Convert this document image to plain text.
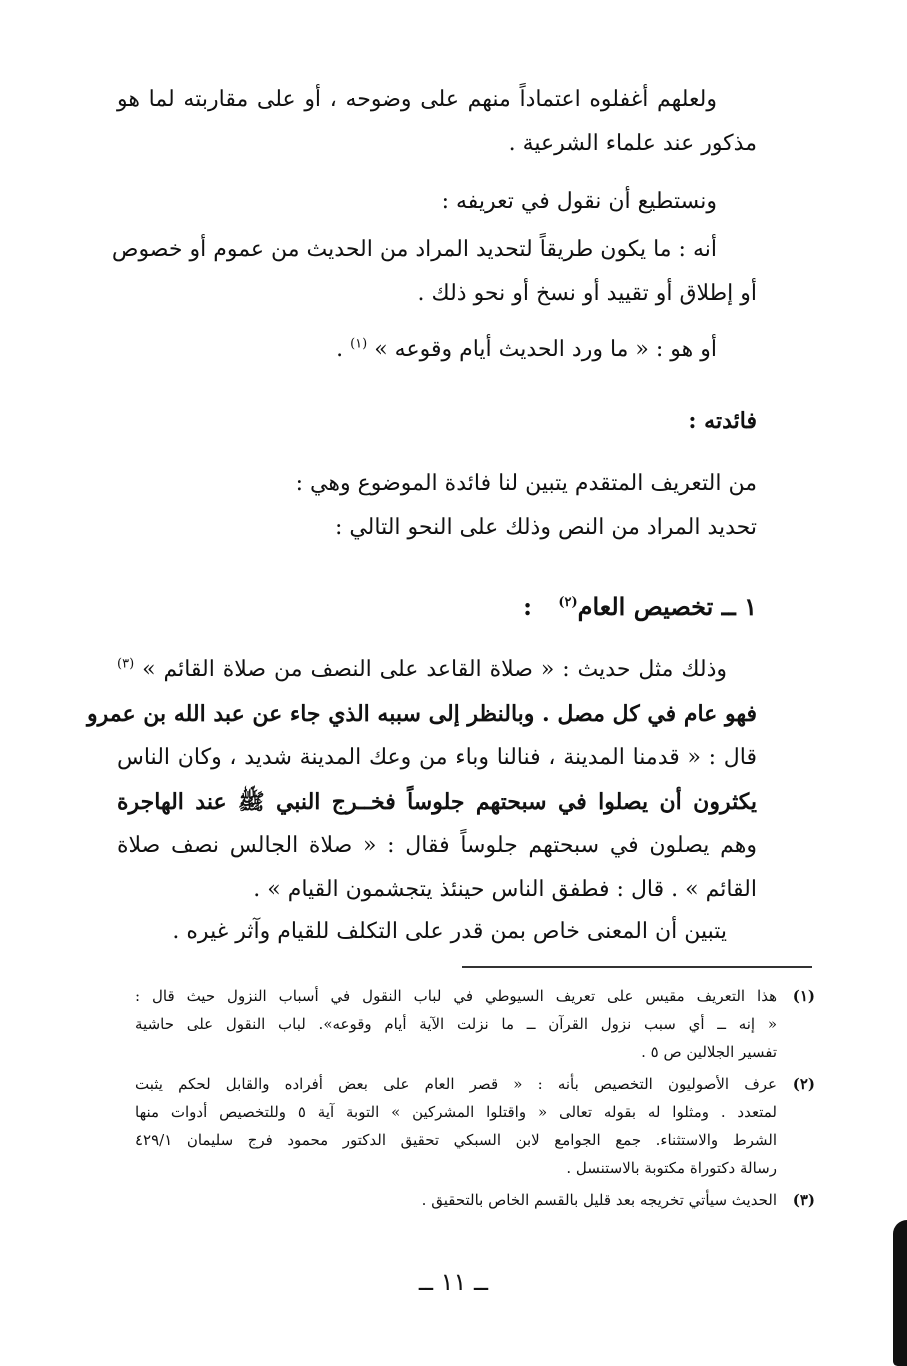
ولعلهم أغفلوه اعتماداً منهم على وضوحه ، أو على مقاربته لما هو
مذكور عند علماء الشرعية .
ونستطيع أن نقول في تعريفه :
أنه : ما يكون طريقاً لتحديد المراد من الحديث من عموم أو خصوص
أو إطلاق أو تقييد أو نسخ أو نحو ذلك .
أو هو : « ما ورد الحديث أيام وقوعه » $^{(١)}$ .
فائدته :
من التعريف المتقدم يتبين لنا فائدة الموضوع وهي :
تحديد المراد من النص وذلك على النحو التالي :
١ ــ تخصيص العام$^{(٢)}$ :
وذلك مثل حديث : « صلاة القاعد على النصف من صلاة القائم » $^{(٣)}$
فهو عام في كل مصل . وبالنظر إلى سببه الذي جاء عن عبد الله بن عمرو
قال : « قدمنا المدينة ، فنالنا وباء من وعك المدينة شديد ، وكان الناس
يكثرون أن يصلوا في سبحتهم جلوساً فخــرج النبي ﷺ عند الهاجرة
وهم يصلون في سبحتهم جلوساً فقال : « صلاة الجالس نصف صلاة
القائم » . قال : فطفق الناس حينئذ يتجشمون القيام » .
يتبين أن المعنى خاص بمن قدر على التكلف للقيام وآثر غيره .
(١)
هذا التعريف مقيس على تعريف السيوطي في لباب النقول في أسباب النزول حيث قال :
« إنه ــ أي سبب نزول القرآن ــ ما نزلت الآية أيام وقوعه». لباب النقول على حاشية
تفسير الجلالين ص ٥ .
(٢)
عرف الأصوليون التخصيص بأنه : « قصر العام على بعض أفراده والقابل لحكم يثبت
لمتعدد . ومثلوا له بقوله تعالى « واقتلوا المشركين » التوبة آية ٥ وللتخصيص أدوات منها
الشرط والاستثناء. جمع الجوامع لابن السبكي تحقيق الدكتور محمود فرج سليمان ٤٢٩/١
رسالة دكتوراة مكتوبة بالاستنسل .
(٣)
الحديث سيأتي تخريجه بعد قليل بالقسم الخاص بالتحقيق .
ــ ١١ ــ
